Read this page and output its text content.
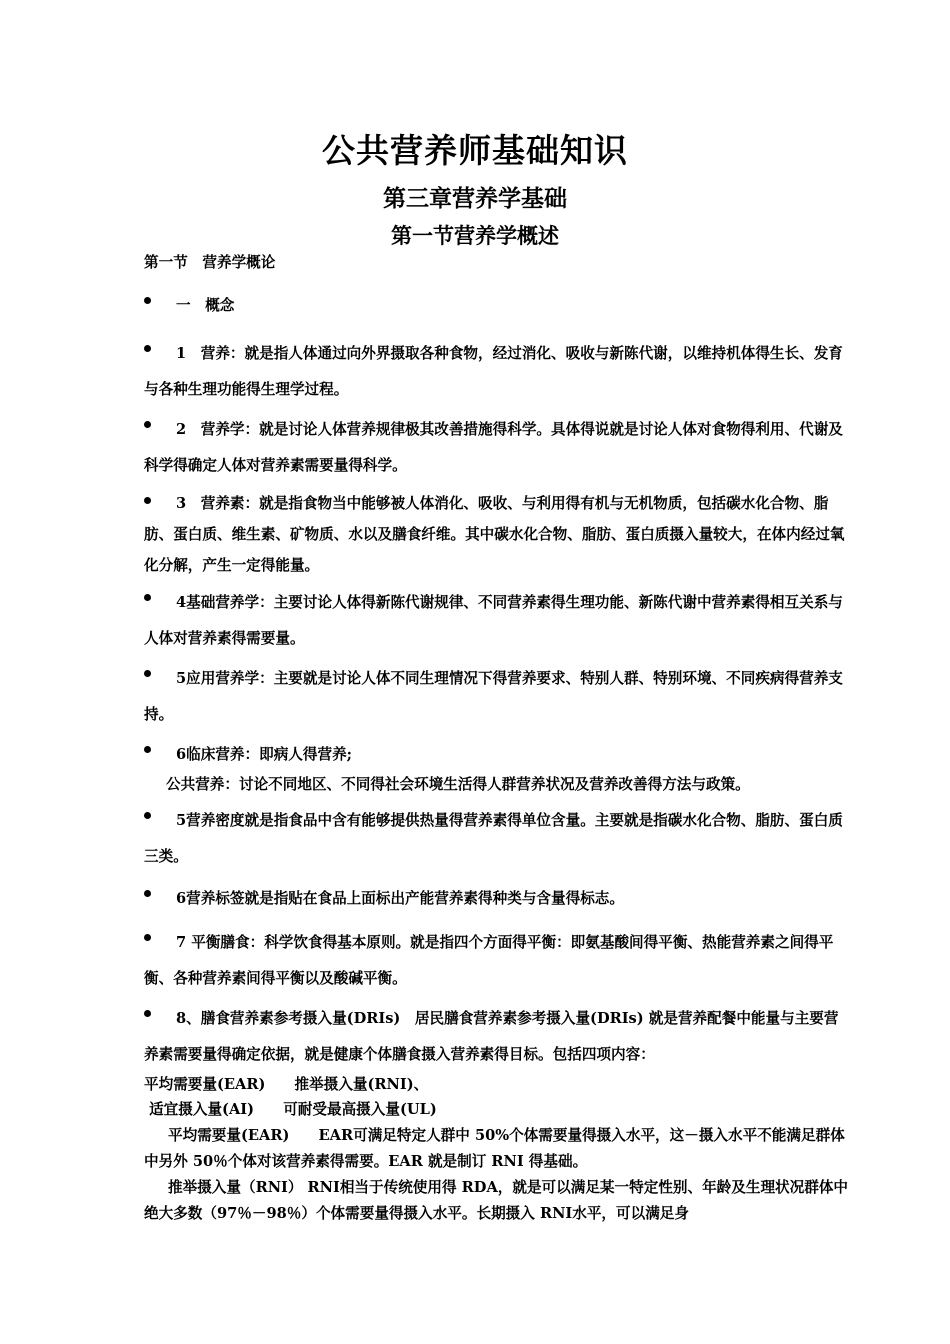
公共营养师基础知识
第三章营养学基础
第一节营养学概述

第一节　营养学概论

一　概念
1　营养：就是指人体通过向外界摄取各种食物，经过消化、吸收与新陈代谢，以维持机体得生长、发育与各种生理功能得生理学过程。
2　营养学：就是讨论人体营养规律极其改善措施得科学。具体得说就是讨论人体对食物得利用、代谢及科学得确定人体对营养素需要量得科学。
3　营养素：就是指食物当中能够被人体消化、吸收、与利用得有机与无机物质，包括碳水化合物、脂肪、蛋白质、维生素、矿物质、水以及膳食纤维。其中碳水化合物、脂肪、蛋白质摄入量较大，在体内经过氧化分解，产生一定得能量。
4基础营养学：主要讨论人体得新陈代谢规律、不同营养素得生理功能、新陈代谢中营养素得相互关系与人体对营养素得需要量。
5应用营养学：主要就是讨论人体不同生理情况下得营养要求、特别人群、特别环境、不同疾病得营养支持。
6临床营养：即病人得营养;

公共营养：讨论不同地区、不同得社会环境生活得人群营养状况及营养改善得方法与政策。

5营养密度就是指食品中含有能够提供热量得营养素得单位含量。主要就是指碳水化合物、脂肪、蛋白质三类。
6营养标签就是指贴在食品上面标出产能营养素得种类与含量得标志。
7 平衡膳食：科学饮食得基本原则。就是指四个方面得平衡：即氨基酸间得平衡、热能营养素之间得平衡、各种营养素间得平衡以及酸碱平衡。
8、膳食营养素参考摄入量(DRIs)　居民膳食营养素参考摄入量(DRIs) 就是营养配餐中能量与主要营养素需要量得确定依据，就是健康个体膳食摄入营养素得目标。包括四项内容：

平均需要量(EAR)　　推举摄入量(RNI)、

适宜摄入量(AI)　　可耐受最高摄入量(UL)

平均需要量(EAR)　　EAR可满足特定人群中 50%个体需要量得摄入水平，这－摄入水平不能满足群体中另外 50％个体对该营养素得需要。EAR 就是制订 RNI 得基础。

推举摄入量（RNI） RNI相当于传统使用得 RDA，就是可以满足某一特定性别、年龄及生理状况群体中绝大多数（97％－98％）个体需要量得摄入水平。长期摄入 RNI水平，可以满足身
